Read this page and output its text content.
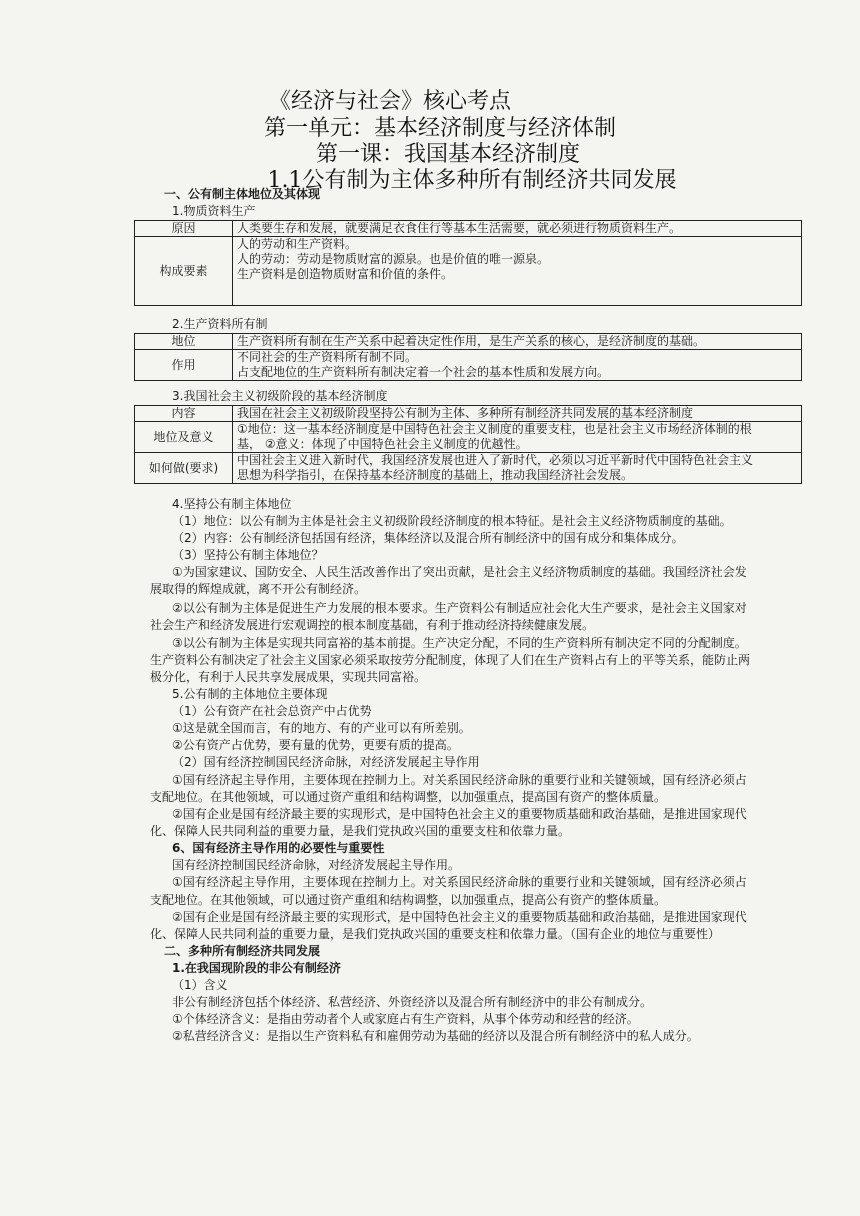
《经济与社会》核心考点
第一单元：基本经济制度与经济体制
第一课：我国基本经济制度
1.1公有制为主体多种所有制经济共同发展
一、公有制主体地位及其体现
1.物质资料生产
原因	人类要生存和发展，就要满足衣食住行等基本生活需要，就必须进行物质资料生产。

构成要素	人的劳动和生产资料。
人的劳动：劳动是物质财富的源泉。也是价值的唯一源泉。
生产资料是创造物质财富和价值的条件。
2.生产资料所有制
地位	生产资料所有制在生产关系中起着决定性作用，是生产关系的核心，是经济制度的基础。

作用	不同社会的生产资料所有制不同。
占支配地位的生产资料所有制决定着一个社会的基本性质和发展方向。
3.我国社会主义初级阶段的基本经济制度
内容	我国在社会主义初级阶段坚持公有制为主体、多种所有制经济共同发展的基本经济制度

地位及意义	①地位：这一基本经济制度是中国特色社会主义制度的重要支柱，也是社会主义市场经济体制的根
基， ②意义：体现了中国特色社会主义制度的优越性。

如何做(要求)	中国社会主义进入新时代，我国经济发展也进入了新时代，必须以习近平新时代中国特色社会主义
思想为科学指引，在保持基本经济制度的基础上，推动我国经济社会发展。
4.坚持公有制主体地位
（1）地位：以公有制为主体是社会主义初级阶段经济制度的根本特征。是社会主义经济物质制度的基础。
（2）内容：公有制经济包括国有经济，集体经济以及混合所有制经济中的国有成分和集体成分。
（3）坚持公有制主体地位？
①为国家建议、国防安全、人民生活改善作出了突出贡献，是社会主义经济物质制度的基础。我国经济社会发
展取得的辉煌成就，离不开公有制经济。
②以公有制为主体是促进生产力发展的根本要求。生产资料公有制适应社会化大生产要求，是社会主义国家对
社会生产和经济发展进行宏观调控的根本制度基础，有利于推动经济持续健康发展。
③以公有制为主体是实现共同富裕的基本前提。生产决定分配，不同的生产资料所有制决定不同的分配制度。
生产资料公有制决定了社会主义国家必须采取按劳分配制度，体现了人们在生产资料占有上的平等关系，能防止两
极分化，有利于人民共享发展成果，实现共同富裕。
5.公有制的主体地位主要体现
（1）公有资产在社会总资产中占优势
①这是就全国而言，有的地方、有的产业可以有所差别。
②公有资产占优势，要有量的优势，更要有质的提高。
（2）国有经济控制国民经济命脉，对经济发展起主导作用
①国有经济起主导作用，主要体现在控制力上。对关系国民经济命脉的重要行业和关键领域，国有经济必须占
支配地位。在其他领域，可以通过资产重组和结构调整，以加强重点，提高国有资产的整体质量。
②国有企业是国有经济最主要的实现形式，是中国特色社会主义的重要物质基础和政治基础，是推进国家现代
化、保障人民共同利益的重要力量，是我们党执政兴国的重要支柱和依靠力量。
6、国有经济主导作用的必要性与重要性
国有经济控制国民经济命脉，对经济发展起主导作用。
①国有经济起主导作用，主要体现在控制力上。对关系国民经济命脉的重要行业和关键领域，国有经济必须占
支配地位。在其他领域，可以通过资产重组和结构调整，以加强重点，提高公有资产的整体质量。
②国有企业是国有经济最主要的实现形式，是中国特色社会主义的重要物质基础和政治基础，是推进国家现代
化、保障人民共同利益的重要力量，是我们党执政兴国的重要支柱和依靠力量。（国有企业的地位与重要性）
二、多种所有制经济共同发展
1.在我国现阶段的非公有制经济
（1）含义
非公有制经济包括个体经济、私营经济、外资经济以及混合所有制经济中的非公有制成分。
①个体经济含义：是指由劳动者个人或家庭占有生产资料，从事个体劳动和经营的经济。
②私营经济含义：是指以生产资料私有和雇佣劳动为基础的经济以及混合所有制经济中的私人成分。
